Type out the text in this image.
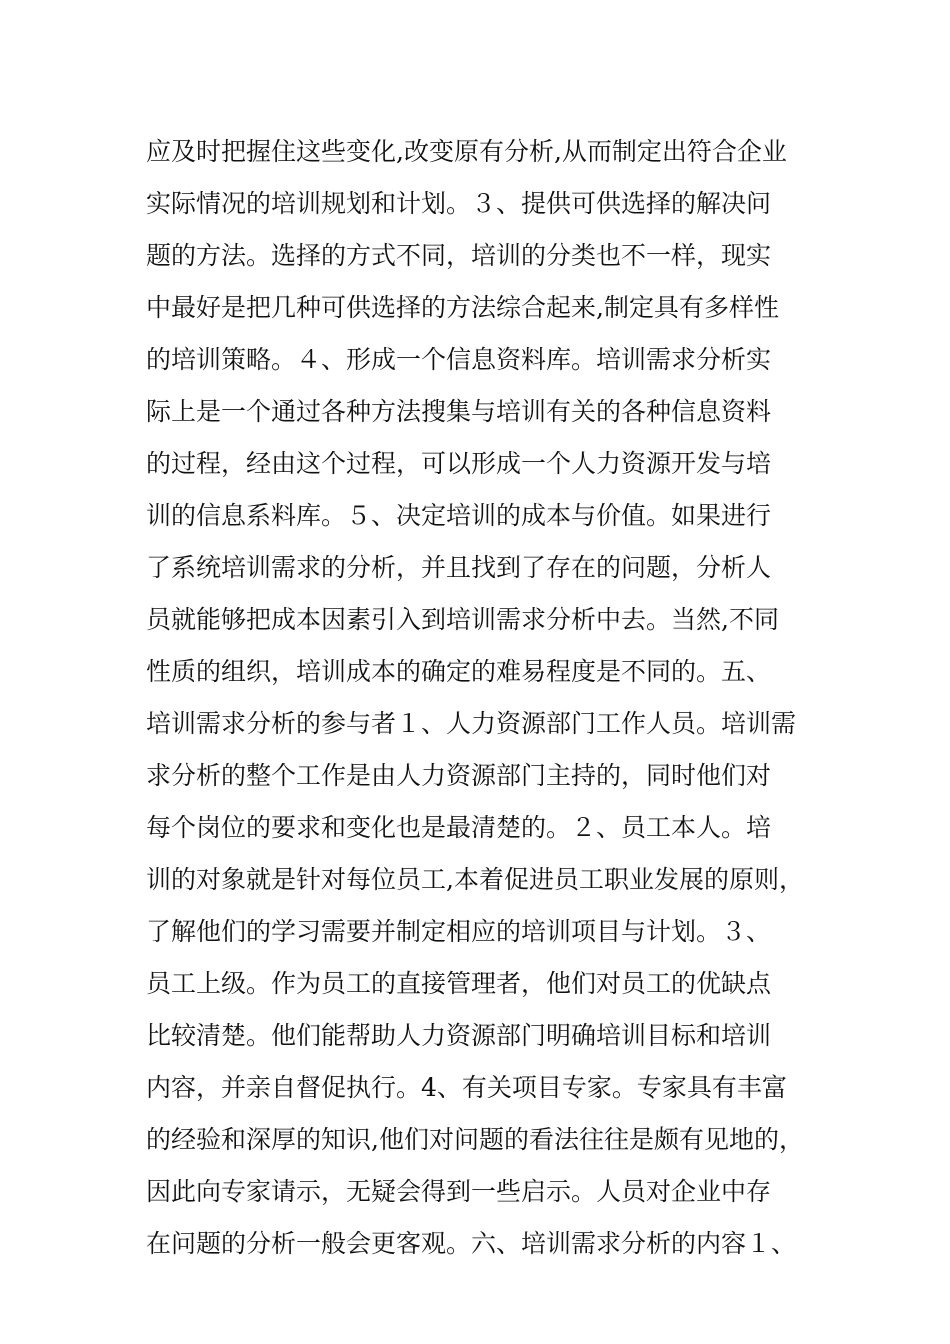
应及时把握住这些变化,改变原有分析,从而制定出符合企业
实际情况的培训规划和计划。３、提供可供选择的解决问
题的方法。选择的方式不同，培训的分类也不一样，现实
中最好是把几种可供选择的方法综合起来,制定具有多样性
的培训策略。４、形成一个信息资料库。培训需求分析实
际上是一个通过各种方法搜集与培训有关的各种信息资料
的过程，经由这个过程，可以形成一个人力资源开发与培
训的信息系料库。５、决定培训的成本与价值。如果进行
了系统培训需求的分析，并且找到了存在的问题，分析人
员就能够把成本因素引入到培训需求分析中去。当然,不同
性质的组织，培训成本的确定的难易程度是不同的。五、
培训需求分析的参与者１、人力资源部门工作人员。培训需
求分析的整个工作是由人力资源部门主持的，同时他们对
每个岗位的要求和变化也是最清楚的。２、员工本人。培
训的对象就是针对每位员工,本着促进员工职业发展的原则，
了解他们的学习需要并制定相应的培训项目与计划。３、
员工上级。作为员工的直接管理者，他们对员工的优缺点
比较清楚。他们能帮助人力资源部门明确培训目标和培训
内容，并亲自督促执行。4、有关项目专家。专家具有丰富
的经验和深厚的知识,他们对问题的看法往往是颇有见地的，
因此向专家请示，无疑会得到一些启示。人员对企业中存
在问题的分析一般会更客观。六、培训需求分析的内容１、
